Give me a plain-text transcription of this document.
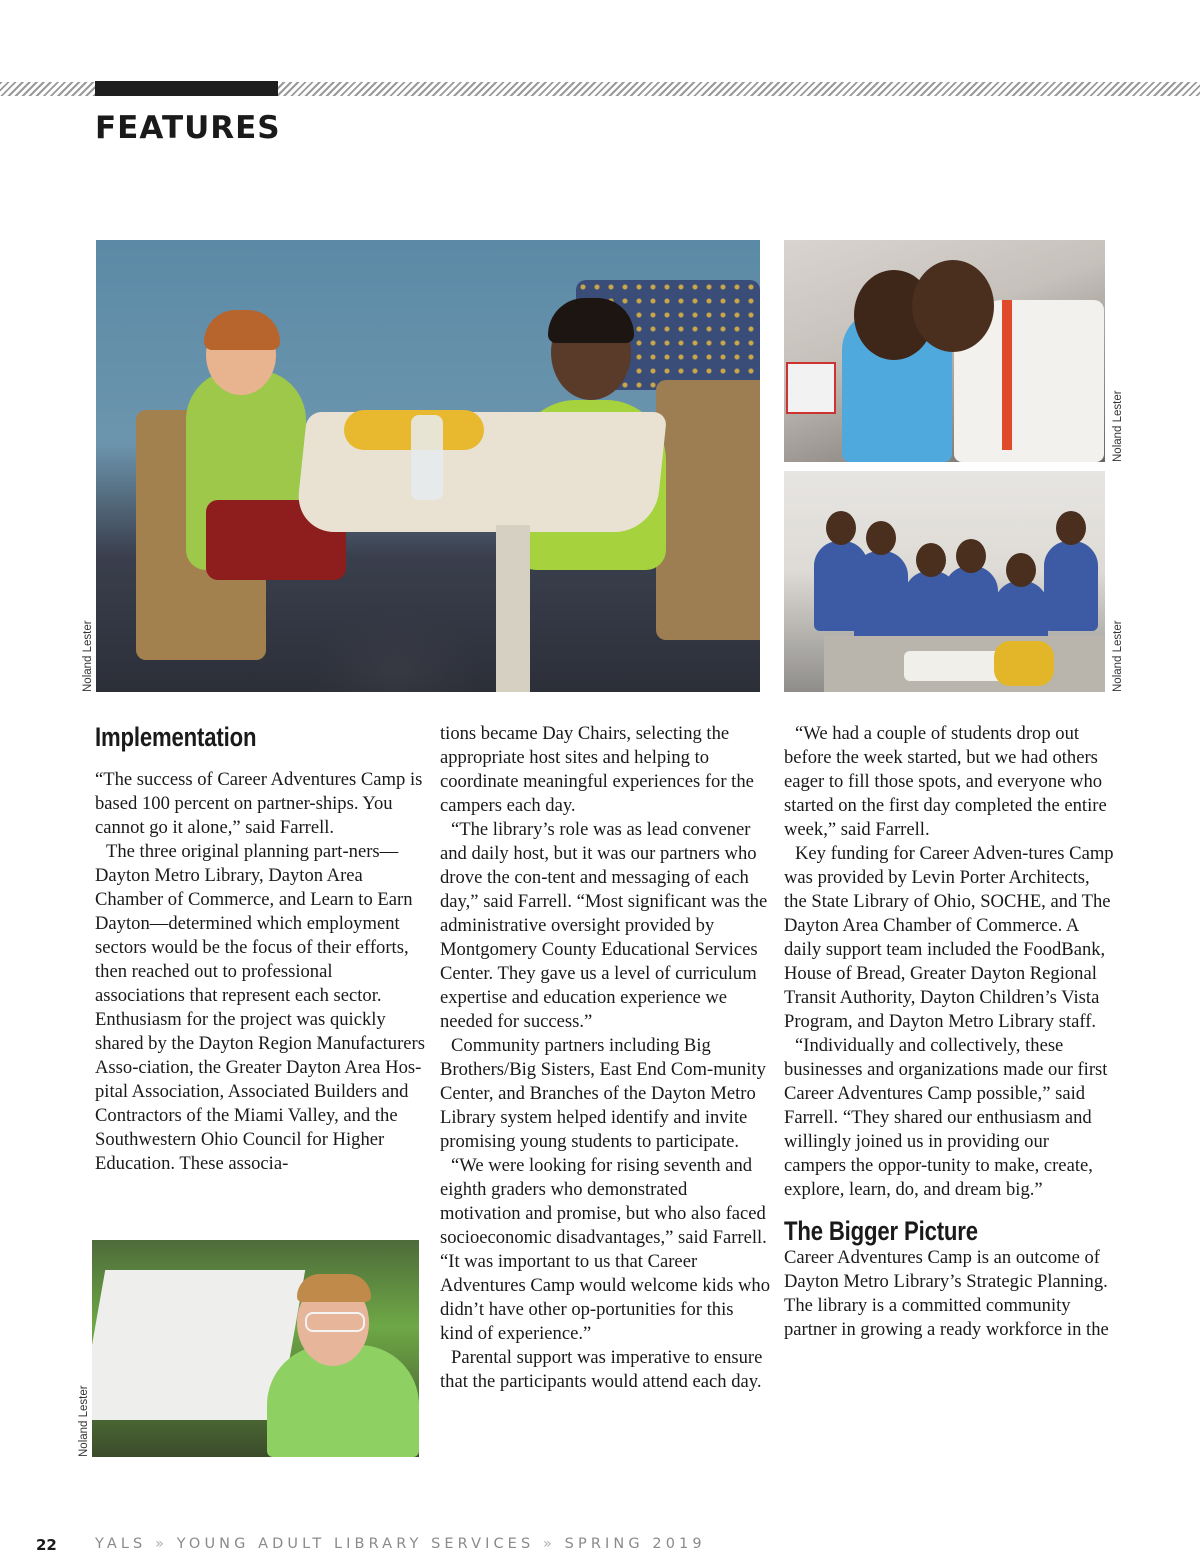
FEATURES
Noland Lester
Noland Lester
Noland Lester
Implementation

“The success of Career Adventures Camp is based 100 percent on partner-ships. You cannot go it alone,” said Farrell.

The three original planning part-ners—Dayton Metro Library, Dayton Area Chamber of Commerce, and Learn to Earn Dayton—determined which employment sectors would be the focus of their efforts, then reached out to professional associations that represent each sector. Enthusiasm for the project was quickly shared by the Dayton Region Manufacturers Asso-ciation, the Greater Dayton Area Hos-pital Association, Associated Builders and Contractors of the Miami Valley, and the Southwestern Ohio Council for Higher Education. These associa-

Noland Lester

tions became Day Chairs, selecting the appropriate host sites and helping to coordinate meaningful experiences for the campers each day.

“The library’s role was as lead convener and daily host, but it was our partners who drove the con-tent and messaging of each day,” said Farrell. “Most significant was the administrative oversight provided by Montgomery County Educational Services Center. They gave us a level of curriculum expertise and education experience we needed for success.”

Community partners including Big Brothers/Big Sisters, East End Com-munity Center, and Branches of the Dayton Metro Library system helped identify and invite promising young students to participate.

“We were looking for rising seventh and eighth graders who demonstrated motivation and promise, but who also faced socioeconomic disadvantages,” said Farrell. “It was important to us that Career Adventures Camp would welcome kids who didn’t have other op-portunities for this kind of experience.”

Parental support was imperative to ensure that the participants would attend each day.

“We had a couple of students drop out before the week started, but we had others eager to fill those spots, and everyone who started on the first day completed the entire week,” said Farrell.

Key funding for Career Adven-tures Camp was provided by Levin Porter Architects, the State Library of Ohio, SOCHE, and The Dayton Area Chamber of Commerce. A daily support team included the FoodBank, House of Bread, Greater Dayton Regional Transit Authority, Dayton Children’s Vista Program, and Dayton Metro Library staff.

“Individually and collectively, these businesses and organizations made our first Career Adventures Camp possible,” said Farrell. “They shared our enthusiasm and willingly joined us in providing our campers the oppor-tunity to make, create, explore, learn, do, and dream big.”

The Bigger Picture

Career Adventures Camp is an outcome of Dayton Metro Library’s Strategic Planning. The library is a committed community partner in growing a ready workforce in the

22	YALS » YOUNG ADULT LIBRARY SERVICES » SPRING 2019
